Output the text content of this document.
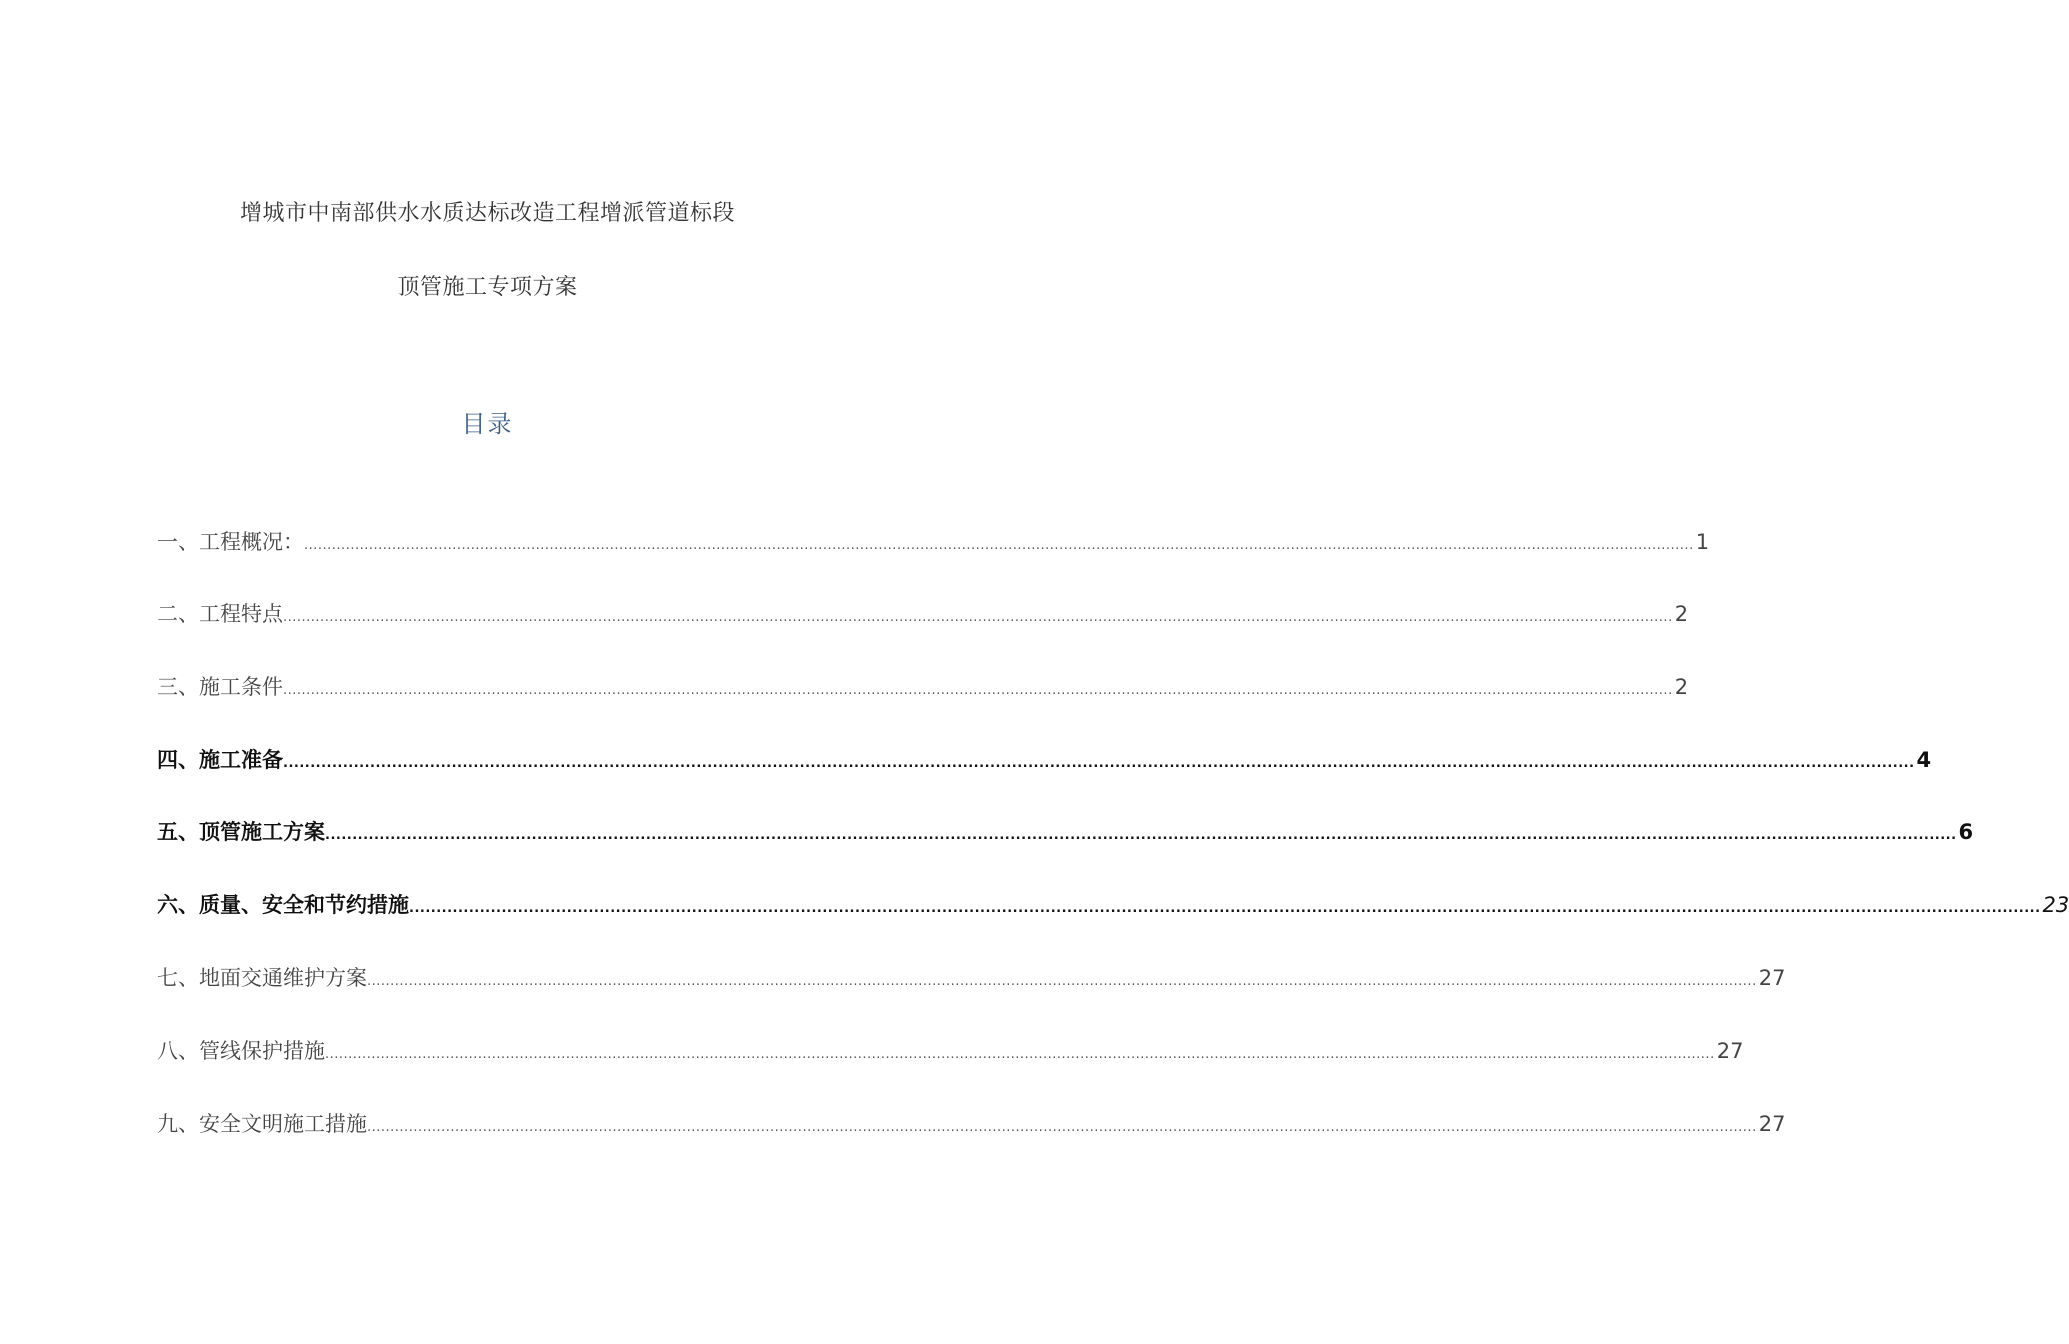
增城市中南部供水水质达标改造工程增派管道标段
顶管施工专项方案
目录
一、工程概况： ............................................................................................................................................................................................................................................................................................................ 1
二、工程特点 ............................................................................................................................................................................................................................................................................................................ 2
三、施工条件 ............................................................................................................................................................................................................................................................................................................ 2
四、施工准备 ............................................................................................................................................................................................................................................................................................................ 4
五、顶管施工方案 ............................................................................................................................................................................................................................................................................................................ 6
六、质量、安全和节约措施 ............................................................................................................................................................................................................................................................................................................ 23
七、地面交通维护方案 ............................................................................................................................................................................................................................................................................................................ 27
八、管线保护措施 ............................................................................................................................................................................................................................................................................................................ 27
九、安全文明施工措施 ............................................................................................................................................................................................................................................................................................................ 27
